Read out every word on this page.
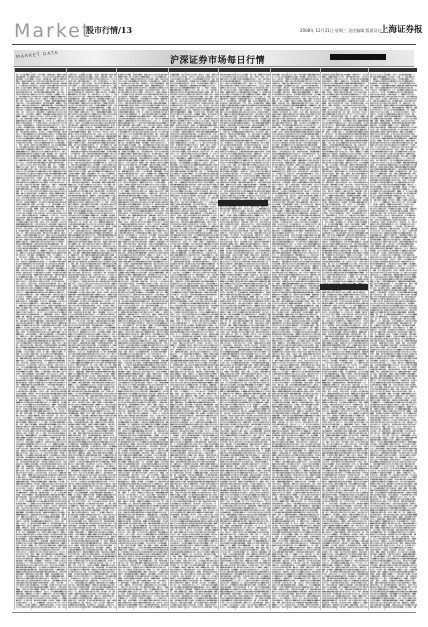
Market
股市行情/13	2008年 12月31日 星期三 责任编辑 版面设计
上海证券报
MARKET DATA
沪深证券市场每日行情
